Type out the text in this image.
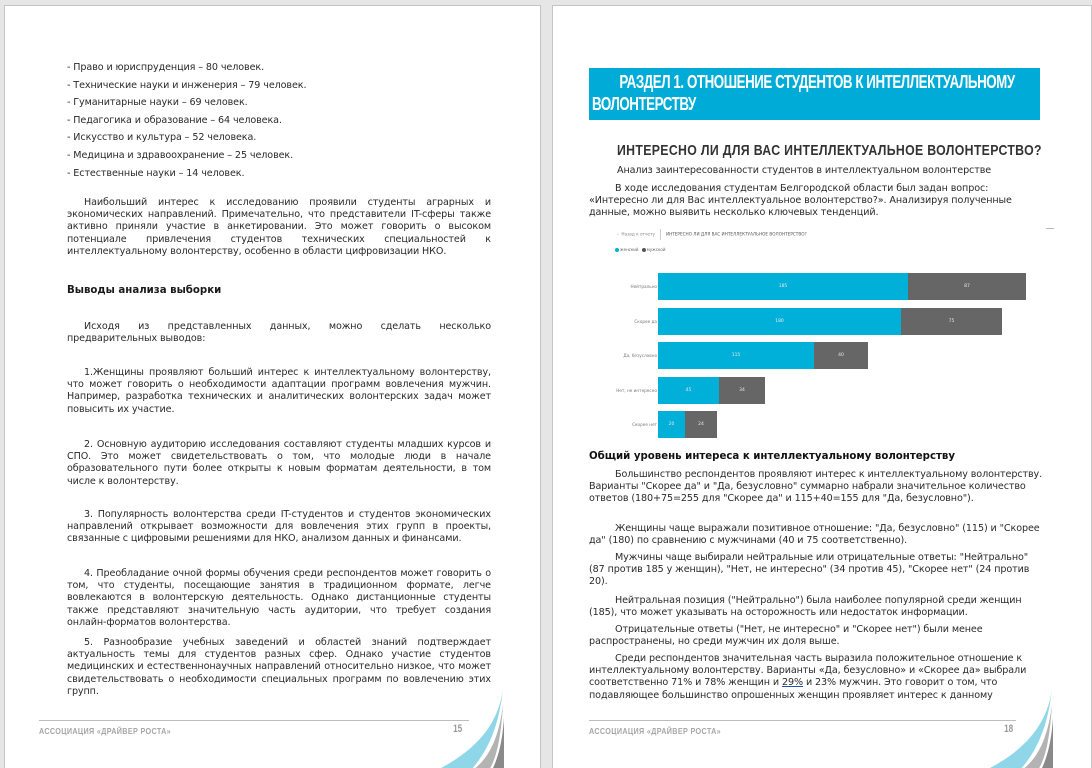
- Право и юриспруденция – 80 человек.
- Технические науки и инженерия – 79 человек.
- Гуманитарные науки – 69 человек.
- Педагогика и образование – 64 человека.
- Искусство и культура – 52 человека.
- Медицина и здравоохранение – 25 человек.
- Естественные науки – 14 человек.

Наибольший интерес к исследованию проявили студенты аграрных и экономических направлений. Примечательно, что представители IT-сферы также активно приняли участие в анкетировании. Это может говорить о высоком потенциале привлечения студентов технических специальностей к интеллектуальному волонтерству, особенно в области цифровизации НКО.

Выводы анализа выборки

Исходя из представленных данных, можно сделать несколько предварительных выводов:

1.Женщины проявляют больший интерес к интеллектуальному волонтерству, что может говорить о необходимости адаптации программ вовлечения мужчин. Например, разработка технических и аналитических волонтерских задач может повысить их участие.

2. Основную аудиторию исследования составляют студенты младших курсов и СПО. Это может свидетельствовать о том, что молодые люди в начале образовательного пути более открыты к новым форматам деятельности, в том числе к волонтерству.

3. Популярность волонтерства среди IT-студентов и студентов экономических направлений открывает возможности для вовлечения этих групп в проекты, связанные с цифровыми решениями для НКО, анализом данных и финансами.

4. Преобладание очной формы обучения среди респондентов может говорить о том, что студенты, посещающие занятия в традиционном формате, легче вовлекаются в волонтерскую деятельность. Однако дистанционные студенты также представляют значительную часть аудитории, что требует создания онлайн-форматов волонтерства.

5. Разнообразие учебных заведений и областей знаний подтверждает актуальность темы для студентов разных сфер. Однако участие студентов медицинских и естественнонаучных направлений относительно низкое, что может свидетельствовать о необходимости специальных программ по вовлечению этих групп.

АССОЦИАЦИЯ «ДРАЙВЕР РОСТА»	15
РАЗДЕЛ 1. ОТНОШЕНИЕ СТУДЕНТОВ К ИНТЕЛЛЕКТУАЛЬНОМУ ВОЛОНТЕРСТВУ
ИНТЕРЕСНО ЛИ ДЛЯ ВАС ИНТЕЛЛЕКТУАЛЬНОЕ ВОЛОНТЕРСТВО?

Анализ заинтересованности студентов в интеллектуальном волонтерстве

В ходе исследования студентам Белгородской области был задан вопрос: «Интересно ли для Вас интеллектуальное волонтерство?». Анализируя полученные данные, можно выявить несколько ключевых тенденций.

‹ Назад к отчету	ИНТЕРЕСНО ЛИ ДЛЯ ВАС ИНТЕЛЛЕКТУАЛЬНОЕ ВОЛОНТЕРСТВО?
женский мужской
Нейтрально	185	87
Скорее да	180	75
Да, безусловно	115	40
Нет, не интересно	45	34
Скорее нет	20	24
Общий уровень интереса к интеллектуальному волонтерству

Большинство респондентов проявляют интерес к интеллектуальному волонтерству. Варианты "Скорее да" и "Да, безусловно" суммарно набрали значительное количество ответов (180+75=255 для "Скорее да" и 115+40=155 для "Да, безусловно").

Женщины чаще выражали позитивное отношение: "Да, безусловно" (115) и "Скорее да" (180) по сравнению с мужчинами (40 и 75 соответственно).

Мужчины чаще выбирали нейтральные или отрицательные ответы: "Нейтрально" (87 против 185 у женщин), "Нет, не интересно" (34 против 45), "Скорее нет" (24 против 20).

Нейтральная позиция ("Нейтрально") была наиболее популярной среди женщин (185), что может указывать на осторожность или недостаток информации.

Отрицательные ответы ("Нет, не интересно" и "Скорее нет") были менее распространены, но среди мужчин их доля выше.

Среди респондентов значительная часть выразила положительное отношение к интеллектуальному волонтерству. Варианты «Да, безусловно» и «Скорее да» выбрали соответственно 71% и 78% женщин и 29% и 23% мужчин. Это говорит о том, что подавляющее большинство опрошенных женщин проявляет интерес к данному

АССОЦИАЦИЯ «ДРАЙВЕР РОСТА»	18
